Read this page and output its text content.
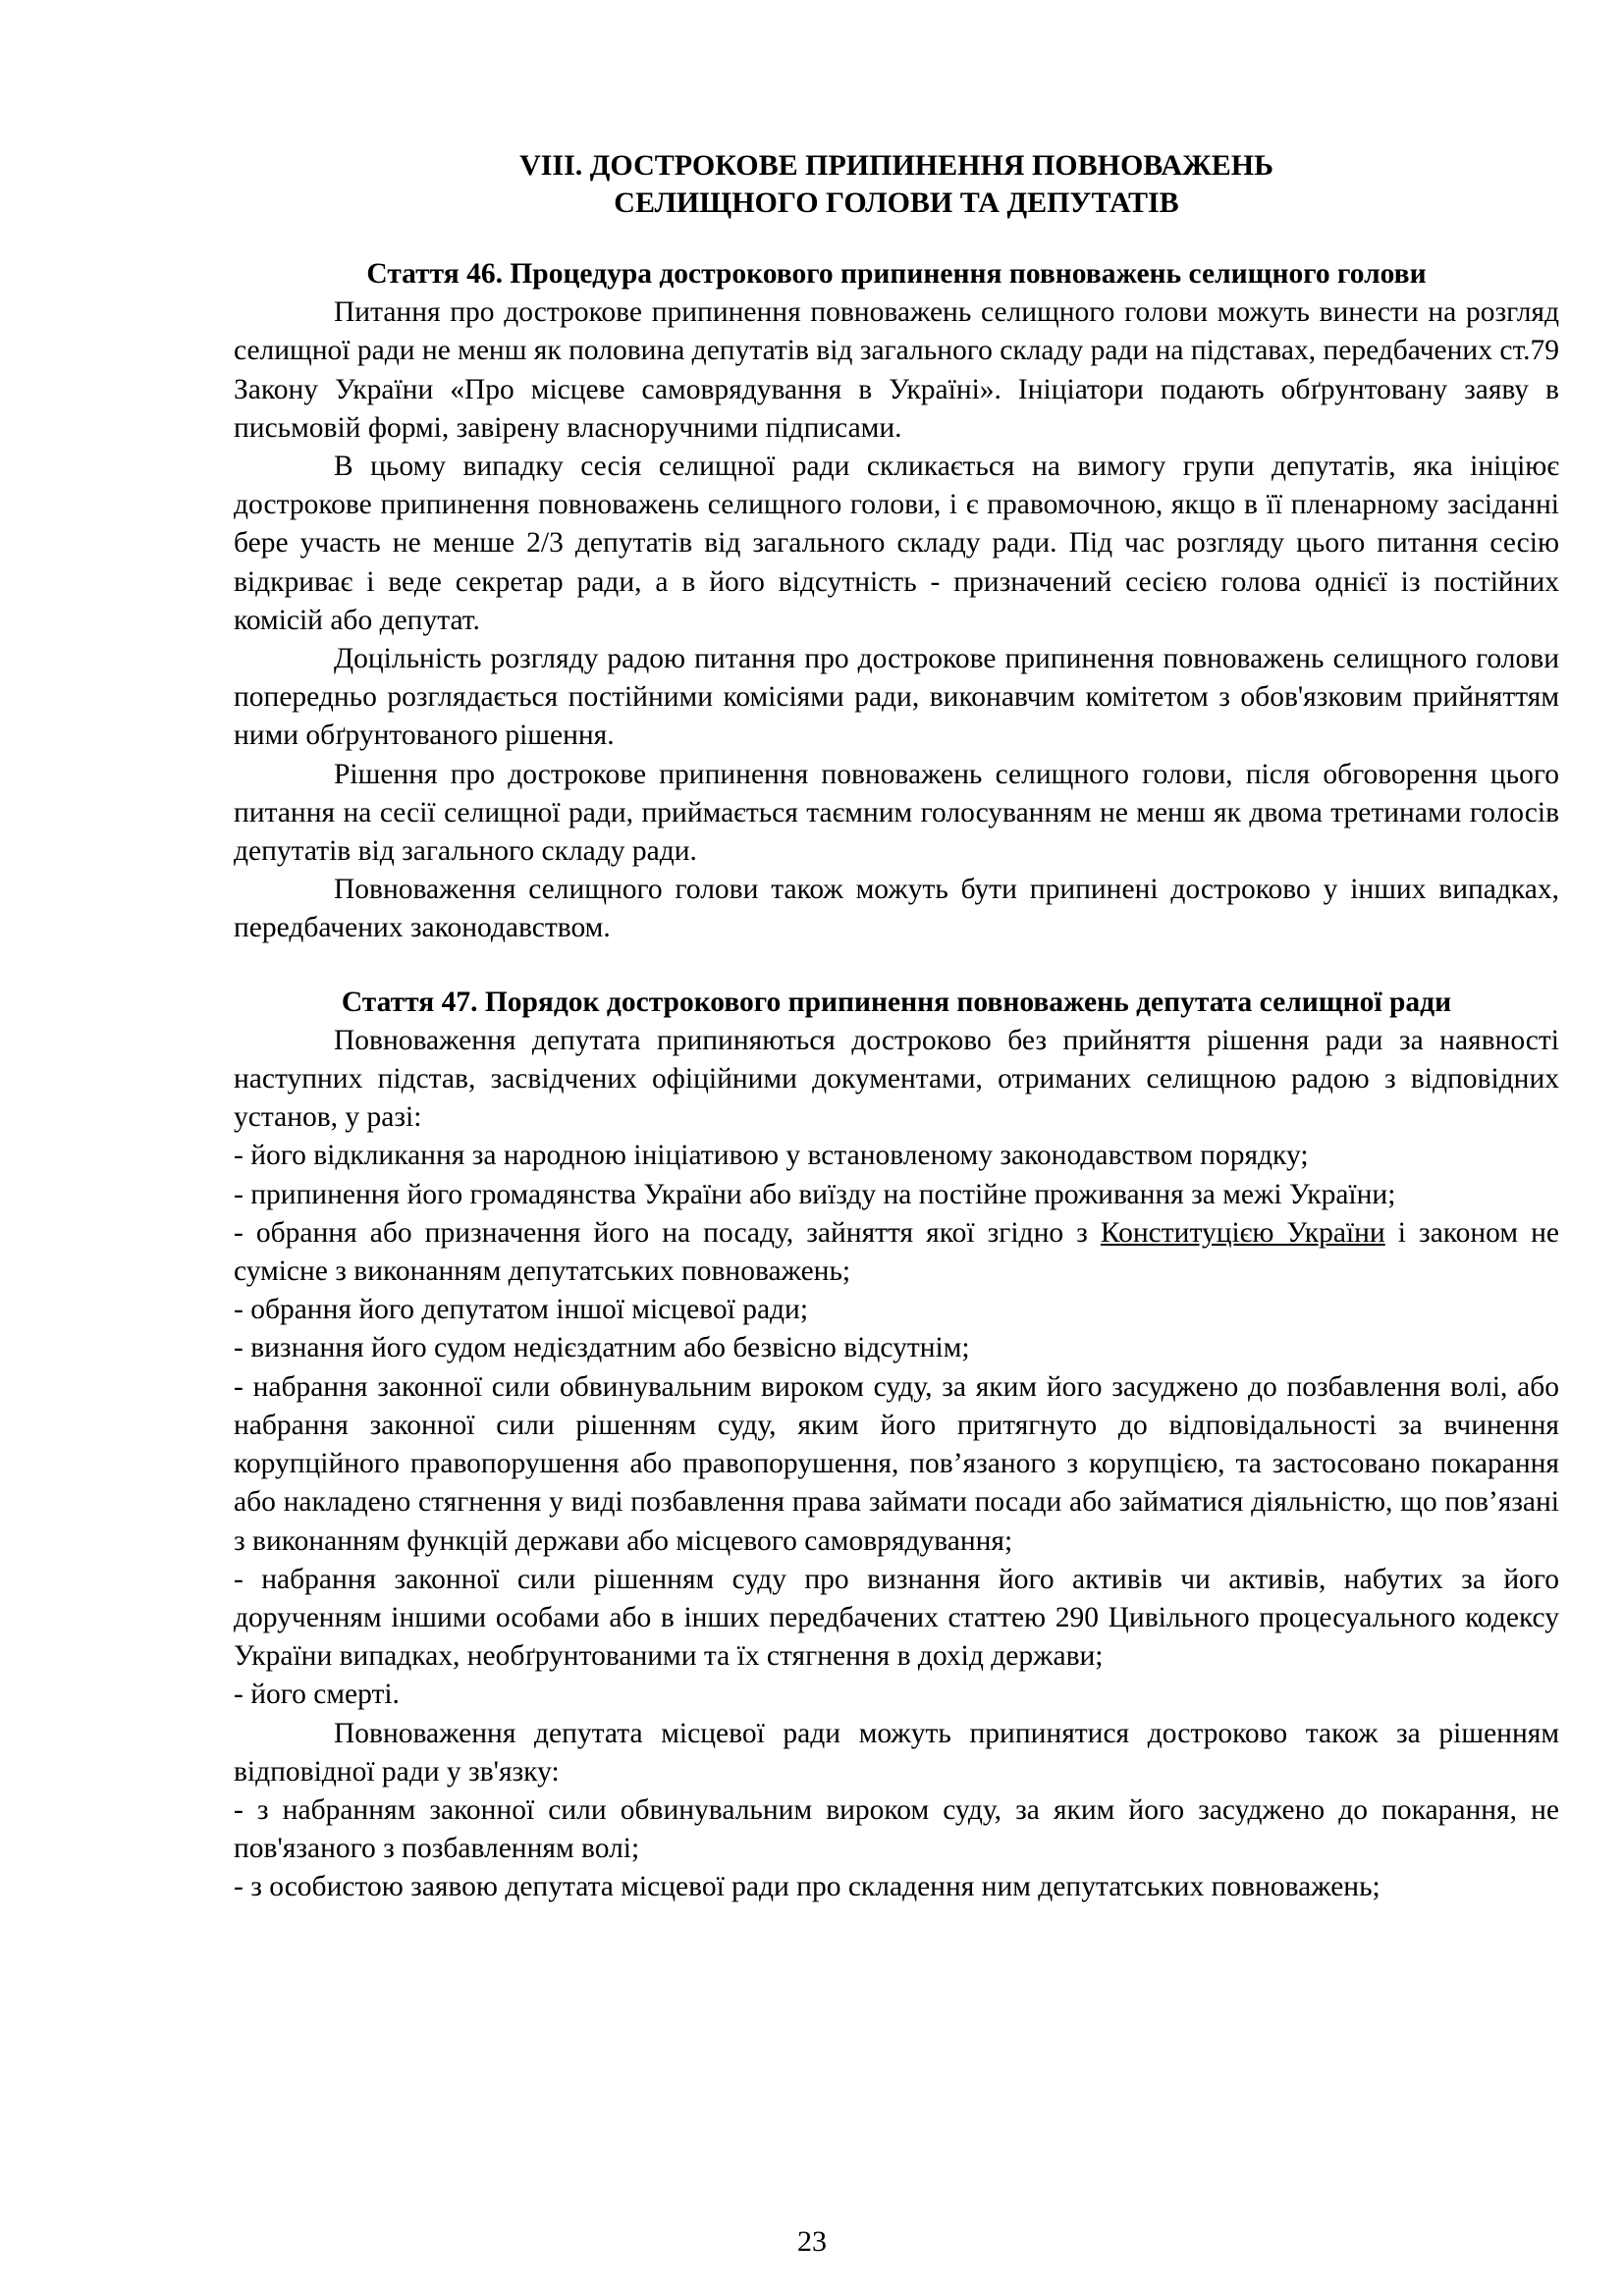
VIII. ДОСТРОКОВЕ ПРИПИНЕННЯ ПОВНОВАЖЕНЬ
СЕЛИЩНОГО ГОЛОВИ ТА ДЕПУТАТІВ
Стаття 46. Процедура дострокового припинення повноважень селищного голови

Питання про дострокове припинення повноважень селищного голови можуть винести на розгляд селищної ради не менш як половина депутатів від загального складу ради на підставах, передбачених ст.79 Закону України «Про місцеве самоврядування в Україні». Ініціатори подають обґрунтовану заяву в письмовій формі, завірену власноручними підписами.

В цьому випадку сесія селищної ради скликається на вимогу групи депутатів, яка ініціює дострокове припинення повноважень селищного голови, і є правомочною, якщо в її пленарному засіданні бере участь не менше 2/3 депутатів від загального складу ради. Під час розгляду цього питання сесію відкриває і веде секретар ради, а в його відсутність - призначений сесією голова однієї із постійних комісій або депутат.

Доцільність розгляду радою питання про дострокове припинення повноважень селищного голови попередньо розглядається постійними комісіями ради, виконавчим комітетом з обов'язковим прийняттям ними обґрунтованого рішення.

Рішення про дострокове припинення повноважень селищного голови, після обговорення цього питання на сесії селищної ради, приймається таємним голосуванням не менш як двома третинами голосів депутатів від загального складу ради.

Повноваження селищного голови також можуть бути припинені достроково у інших випадках, передбачених законодавством.

Стаття 47. Порядок дострокового припинення повноважень депутата селищної ради

Повноваження депутата припиняються достроково без прийняття рішення ради за наявності наступних підстав, засвідчених офіційними документами, отриманих селищною радою з відповідних установ, у разі:

- його відкликання за народною ініціативою у встановленому законодавством порядку;

- припинення його громадянства України або виїзду на постійне проживання за межі України;

- обрання або призначення його на посаду, зайняття якої згідно з Конституцією України і законом не сумісне з виконанням депутатських повноважень;

- обрання його депутатом іншої місцевої ради;

- визнання його судом недієздатним або безвісно відсутнім;

- набрання законної сили обвинувальним вироком суду, за яким його засуджено до позбавлення волі, або набрання законної сили рішенням суду, яким його притягнуто до відповідальності за вчинення корупційного правопорушення або правопорушення, пов’язаного з корупцією, та застосовано покарання або накладено стягнення у виді позбавлення права займати посади або займатися діяльністю, що пов’язані з виконанням функцій держави або місцевого самоврядування;

- набрання законної сили рішенням суду про визнання його активів чи активів, набутих за його дорученням іншими особами або в інших передбачених статтею 290 Цивільного процесуального кодексу України випадках, необґрунтованими та їх стягнення в дохід держави;

- його смерті.

Повноваження депутата місцевої ради можуть припинятися достроково також за рішенням відповідної ради у зв'язку:

- з набранням законної сили обвинувальним вироком суду, за яким його засуджено до покарання, не пов'язаного з позбавленням волі;

- з особистою заявою депутата місцевої ради про складення ним депутатських повноважень;

23
